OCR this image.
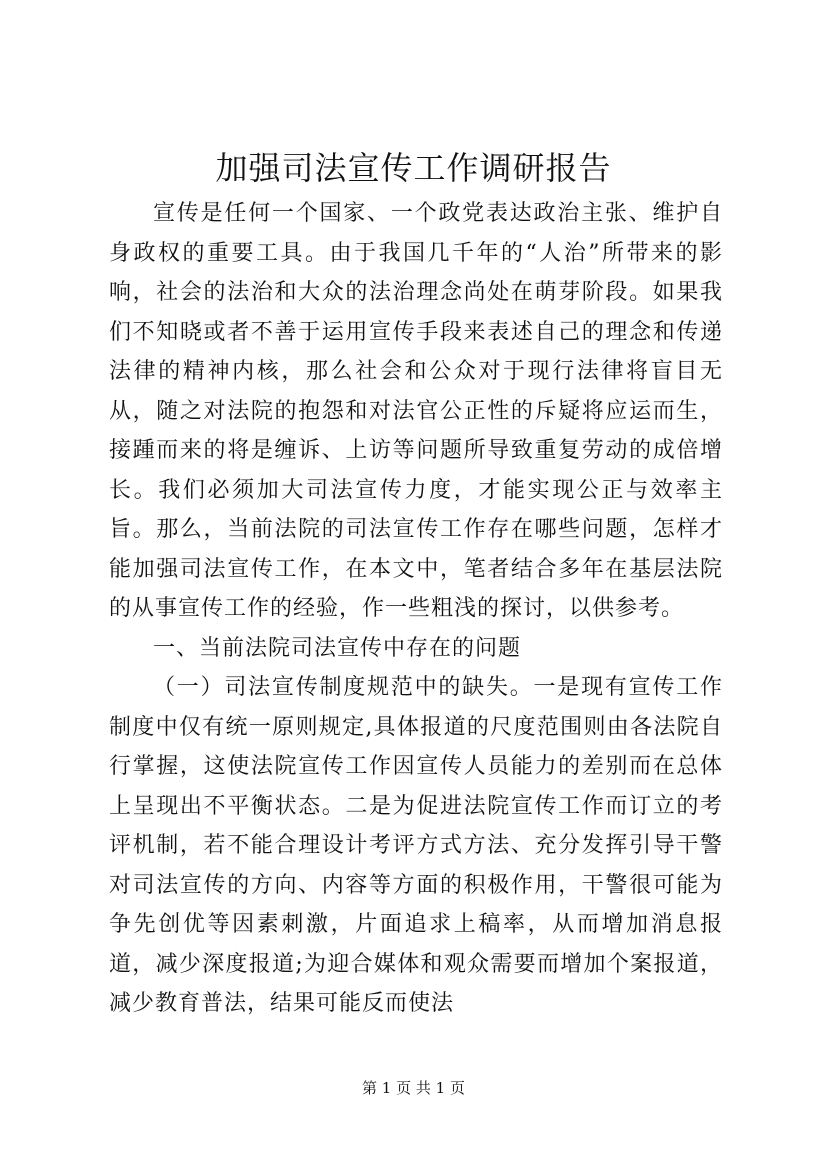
加强司法宣传工作调研报告

宣传是任何一个国家、一个政党表达政治主张、维护自身政权的重要工具。由于我国几千年的“人治”所带来的影响，社会的法治和大众的法治理念尚处在萌芽阶段。如果我们不知晓或者不善于运用宣传手段来表述自己的理念和传递法律的精神内核，那么社会和公众对于现行法律将盲目无从，随之对法院的抱怨和对法官公正性的斥疑将应运而生，接踵而来的将是缠诉、上访等问题所导致重复劳动的成倍增长。我们必须加大司法宣传力度，才能实现公正与效率主旨。那么，当前法院的司法宣传工作存在哪些问题，怎样才能加强司法宣传工作，在本文中，笔者结合多年在基层法院的从事宣传工作的经验，作一些粗浅的探讨，以供参考。

一、当前法院司法宣传中存在的问题

（一）司法宣传制度规范中的缺失。一是现有宣传工作制度中仅有统一原则规定,具体报道的尺度范围则由各法院自行掌握，这使法院宣传工作因宣传人员能力的差别而在总体上呈现出不平衡状态。二是为促进法院宣传工作而订立的考评机制，若不能合理设计考评方式方法、充分发挥引导干警对司法宣传的方向、内容等方面的积极作用，干警很可能为争先创优等因素刺激，片面追求上稿率，从而增加消息报道，减少深度报道;为迎合媒体和观众需要而增加个案报道，减少教育普法，结果可能反而使法

第 1 页 共 1 页
